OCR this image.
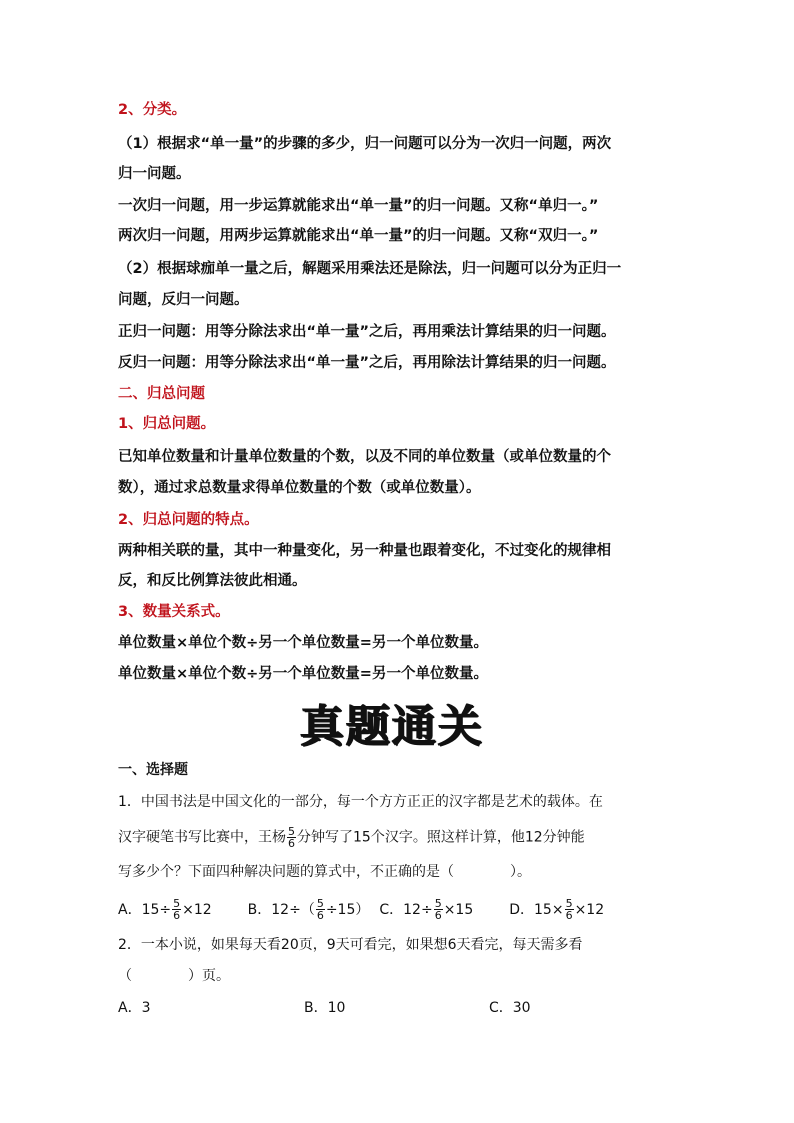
2、分类。
（1）根据求“单一量”的步骤的多少，归一问题可以分为一次归一问题，两次
归一问题。
一次归一问题，用一步运算就能求出“单一量”的归一问题。又称“单归一。”
两次归一问题，用两步运算就能求出“单一量”的归一问题。又称“双归一。”
（2）根据球痂单一量之后，解题采用乘法还是除法，归一问题可以分为正归一
问题，反归一问题。
正归一问题：用等分除法求出“单一量”之后，再用乘法计算结果的归一问题。
反归一问题：用等分除法求出“单一量”之后，再用除法计算结果的归一问题。
二、归总问题
1、归总问题。
已知单位数量和计量单位数量的个数，以及不同的单位数量（或单位数量的个
数），通过求总数量求得单位数量的个数（或单位数量）。
2、归总问题的特点。
两种相关联的量，其中一种量变化，另一种量也跟着变化，不过变化的规律相
反，和反比例算法彼此相通。
3、数量关系式。
单位数量×单位个数÷另一个单位数量=另一个单位数量。
单位数量×单位个数÷另一个单位数量=另一个单位数量。
真题通关
一、选择题
1．中国书法是中国文化的一部分，每一个方方正正的汉字都是艺术的载体。在
汉字硬笔书写比赛中，王杨 $\frac{5}{6}$ 分钟写了15个汉字。照这样计算，他12分钟能
写多少个？下面四种解决问题的算式中，不正确的是（　　　　）。
A．$15\div \frac{5}{6} \times 12$	B．$12\div( \frac{5}{6} \div 15)$ C．$12\div \frac{5}{6} \times 15$	D．$15\times \frac{5}{6} \times 12$
2．一本小说，如果每天看20页，9天可看完，如果想6天看完，每天需多看
（　　　　）页。
A．3	B．10	C．30
